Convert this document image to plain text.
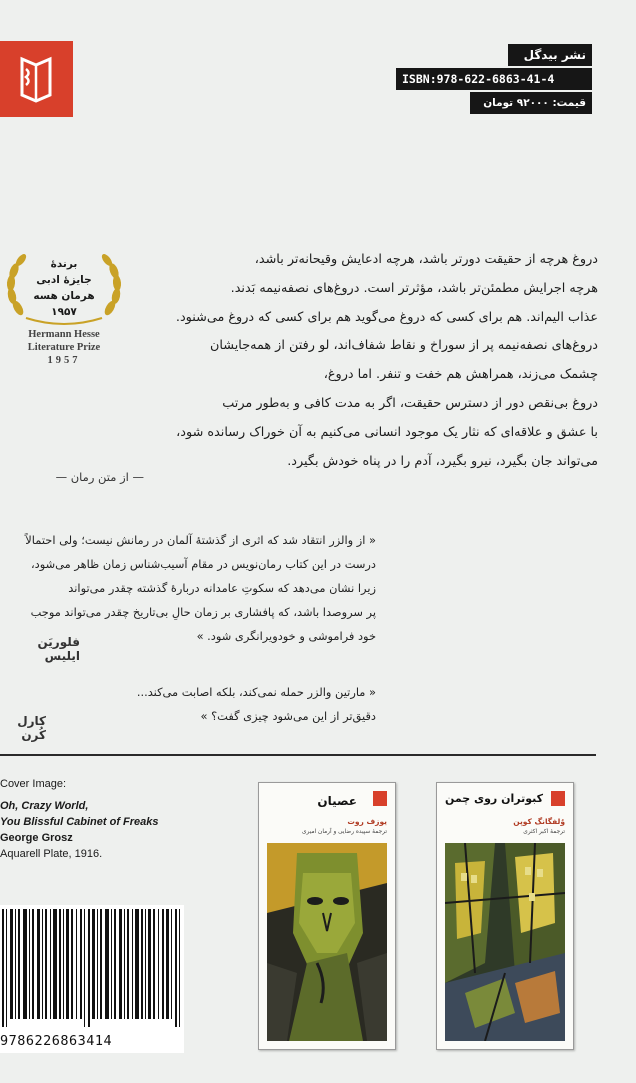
نشر بیدگل
ISBN:978-622-6863-41-4
قیمت: ۹۲۰۰۰ تومان
برندهٔ
جایزهٔ ادبی
هرمان هسه
۱۹۵۷
Hermann Hesse
Literature Prize
1957
دروغ هرچه از حقیقت دورتر باشد، هرچه ادعایش وقیحانه‌تر باشد،
هرچه اجرایش مطمئن‌تر باشد، مؤثرتر است. دروغ‌های نصفه‌نیمه بَدند.
عذاب الیم‌اند. هم برای کسی که دروغ می‌گوید هم برای کسی که دروغ می‌شنود.
دروغ‌های نصفه‌نیمه پر از سوراخ و نقاط شفاف‌اند، لو رفتن از همه‌جایشان
چشمک می‌زند، همراهش هم خفت و تنفر. اما دروغ،
دروغ بی‌نقص دور از دسترس حقیقت، اگر به مدت کافی و به‌طور مرتب
با عشق و علاقه‌ای که نثار یک موجود انسانی می‌کنیم به آن خوراک رسانده شود،
می‌تواند جان بگیرد، نیرو بگیرد، آدم را در پناه خودش بگیرد.
— از متن رمان —
« از والزر انتقاد شد که اثری از گذشتهٔ آلمان در رمانش نیست؛ ولی احتمالاً
درست در این کتاب رمان‌نویس در مقام آسیب‌شناس زمان ظاهر می‌شود،
زیرا نشان می‌دهد که سکوتِ عامدانه دربارهٔ گذشته چقدر می‌تواند
پر سروصدا باشد، که پافشاری بر زمان حالِ بی‌تاریخ چقدر می‌تواند موجب
خود فراموشی و خودویرانگری شود. »
فلوریَن ایلیس
« مارتین والزر حمله نمی‌کند، بلکه اصابت می‌کند...
دقیق‌تر از این می‌شود چیزی گفت؟ »
کارل کُرن
Cover Image:
Oh, Crazy World,
You Blissful Cabinet of Freaks
George Grosz
Aquarell Plate, 1916.
9786226863414
کبوتران روی چمن
وُلفگانگ کوپن
ترجمهٔ اکبر اکثری
عصیان
یوزف روت
ترجمهٔ سپیده رضایی و آرمان امیری
